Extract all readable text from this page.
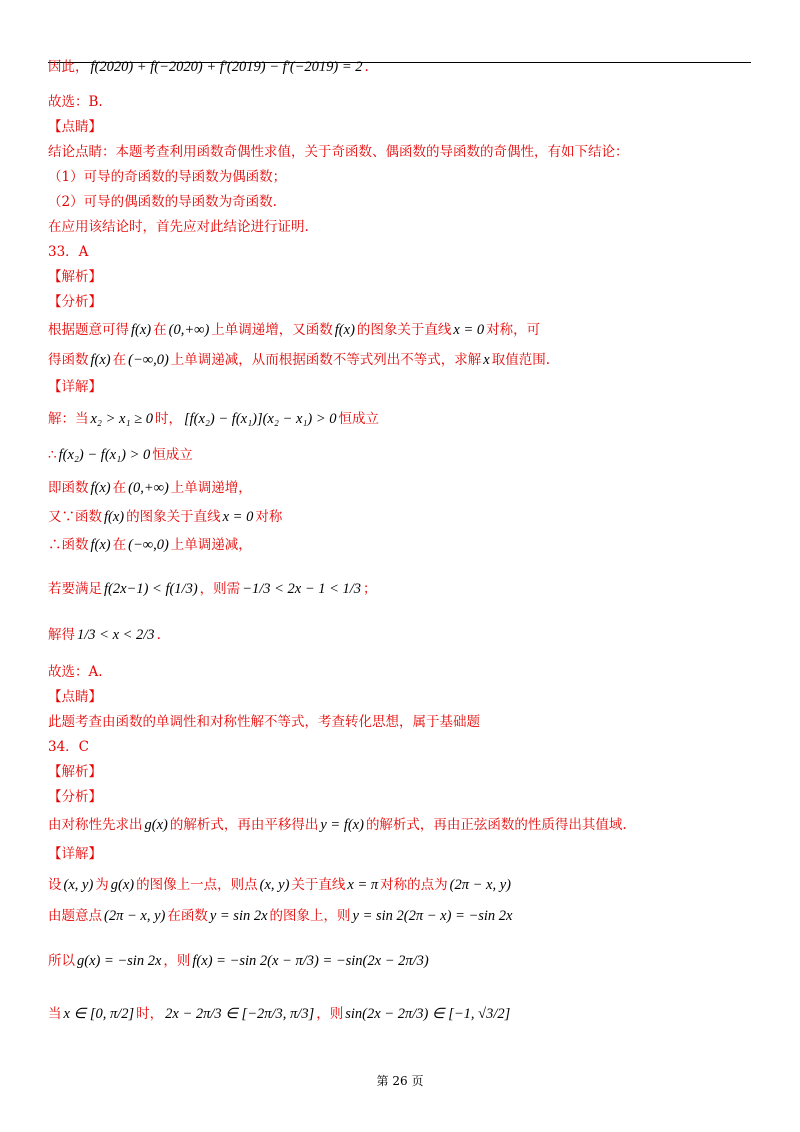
因此， f(2020) + f(−2020) + f′(2019) − f′(−2019) = 2 .
故选：B.
【点睛】
结论点睛：本题考查利用函数奇偶性求值，关于奇函数、偶函数的导函数的奇偶性，有如下结论：
（1）可导的奇函数的导函数为偶函数；
（2）可导的偶函数的导函数为奇函数.
在应用该结论时，首先应对此结论进行证明.
33．A
【解析】
【分析】
根据题意可得 f(x) 在 (0,+∞) 上单调递增，又函数 f(x) 的图象关于直线 x = 0 对称，可
得函数 f(x) 在 (−∞,0) 上单调递减，从而根据函数不等式列出不等式，求解 x 取值范围.
【详解】
解：当 x₂ > x₁ ≥ 0 时， [f(x₂) − f(x₁)](x₂ − x₁) > 0 恒成立
∴ f(x₂) − f(x₁) > 0 恒成立
即函数 f(x) 在 (0,+∞) 上单调递增，
又∵函数 f(x) 的图象关于直线 x = 0 对称
∴函数 f(x) 在 (−∞,0) 上单调递减，
若要满足 f(2x−1) < f(1/3) ，则需 −1/3 < 2x − 1 < 1/3 ；
解得 1/3 < x < 2/3 .
故选：A.
【点睛】
此题考查由函数的单调性和对称性解不等式，考查转化思想，属于基础题
34．C
【解析】
【分析】
由对称性先求出 g(x) 的解析式，再由平移得出 y = f(x) 的解析式，再由正弦函数的性质得出其值域.
【详解】
设 (x, y) 为 g(x) 的图像上一点，则点 (x, y) 关于直线 x = π 对称的点为 (2π − x, y)
由题意点 (2π − x, y) 在函数 y = sin 2x 的图象上，则 y = sin 2(2π − x) = −sin 2x
所以 g(x) = −sin 2x ，则 f(x) = −sin 2(x − π/3) = −sin(2x − 2π/3)
当 x ∈ [0, π/2] 时， 2x − 2π/3 ∈ [−2π/3, π/3] ，则 sin(2x − 2π/3) ∈ [−1, √3/2]
第 26 页
